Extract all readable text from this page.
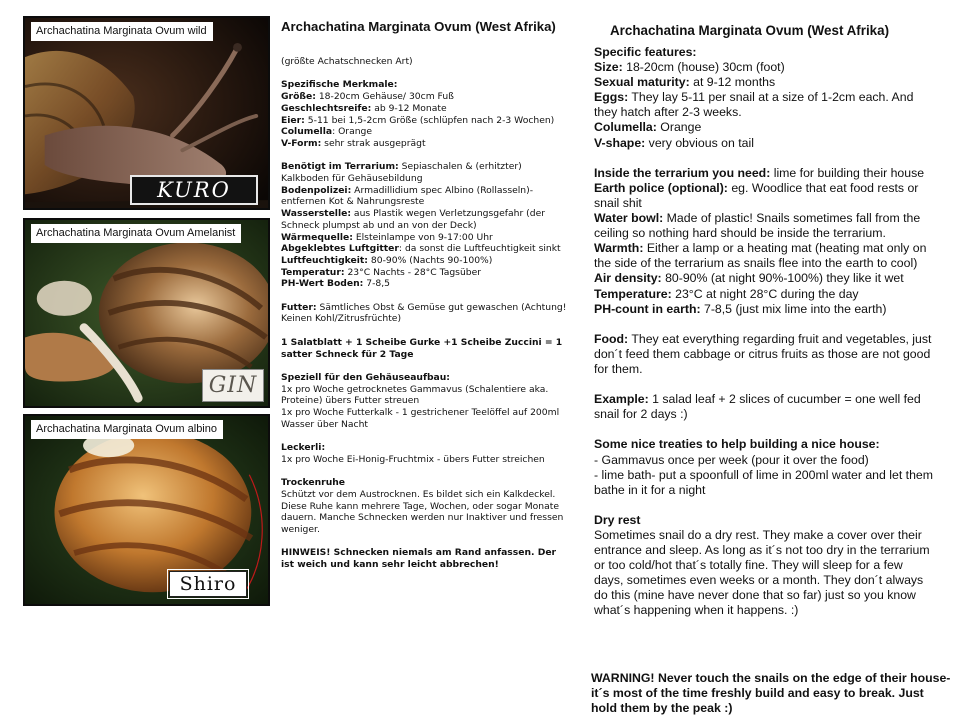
Archachatina Marginata Ovum wild
KURO
Archachatina Marginata Ovum Amelanist
GIN
Archachatina Marginata Ovum albino
Shiro
Archachatina Marginata Ovum (West Afrika)

(größte Achatschnecken Art)

Spezifische Merkmale:
Größe: 18-20cm Gehäuse/ 30cm Fuß
Geschlechtsreife: ab 9-12 Monate
Eier: 5-11 bei 1,5-2cm Größe (schlüpfen nach 2-3 Wochen)
Columella: Orange
V-Form: sehr strak ausgeprägt

Benötigt im Terrarium: Sepiaschalen & (erhitzter) Kalkboden für Gehäusebildung
Bodenpolizei: Armadillidium spec Albino (Rollasseln)- entfernen Kot & Nahrungsreste
Wasserstelle: aus Plastik wegen Verletzungsgefahr (der Schneck plumpst ab und an von der Deck)
Wärmequelle: Elsteinlampe von 9-17:00 Uhr
Abgeklebtes Luftgitter: da sonst die Luftfeuchtigkeit sinkt
Luftfeuchtigkeit: 80-90% (Nachts 90-100%)
Temperatur: 23°C Nachts - 28°C Tagsüber
PH-Wert Boden: 7-8,5

Futter: Sämtliches Obst & Gemüse gut gewaschen (Achtung! Keinen Kohl/Zitrusfrüchte)

1 Salatblatt + 1 Scheibe Gurke +1 Scheibe Zuccini = 1 satter Schneck für 2 Tage

Speziell für den Gehäuseaufbau:
1x pro Woche getrocknetes Gammavus (Schalentiere aka. Proteine) übers Futter streuen
1x pro Woche Futterkalk - 1 gestrichener Teelöffel auf 200ml Wasser über Nacht

Leckerli:
1x pro Woche Ei-Honig-Fruchtmix - übers Futter streichen

Trockenruhe
Schützt vor dem Austrocknen. Es bildet sich ein Kalkdeckel. Diese Ruhe kann mehrere Tage, Wochen, oder sogar Monate dauern. Manche Schnecken werden nur Inaktiver und fressen weniger.

HINWEIS! Schnecken niemals am Rand anfassen. Der ist weich und kann sehr leicht abbrechen!

Archachatina Marginata Ovum (West Afrika)

Specific features:
Size: 18-20cm (house) 30cm (foot)
Sexual maturity: at 9-12 months
Eggs: They lay 5-11 per snail at a size of 1-2cm each. And they hatch after 2-3 weeks.
Columella: Orange
V-shape: very obvious on tail

Inside the terrarium you need: lime for building their house
Earth police (optional): eg. Woodlice that eat food rests or snail shit
Water bowl: Made of plastic! Snails sometimes fall from the ceiling so nothing hard should be inside the terrarium.
Warmth: Either a lamp or a heating mat (heating mat only on the side of the terrarium as snails flee into the earth to cool)
Air density: 80-90% (at night 90%-100%) they like it wet
Temperature: 23°C at night 28°C during the day
PH-count in earth: 7-8,5 (just mix lime into the earth)

Food: They eat everything regarding fruit and vegetables, just don´t feed them cabbage or citrus fruits as those are not good for them.

Example: 1 salad leaf + 2 slices of cucumber = one well fed snail for 2 days :)

Some nice treaties to help building a nice house:
- Gammavus once per week (pour it over the food)
- lime bath- put a spoonfull of lime in 200ml water and let them bathe in it for a night

Dry rest
Sometimes snail do a dry rest. They make a cover over their entrance and sleep. As long as it´s not too dry in the terrarium or too cold/hot that´s totally fine. They will sleep for a few days, sometimes even weeks or a month. They don´t always do this (mine have never done that so far) just so you know what´s happening when it happens. :)

WARNING! Never touch the snails on the edge of their house- it´s most of the time freshly build and easy to break. Just hold them by the peak :)
